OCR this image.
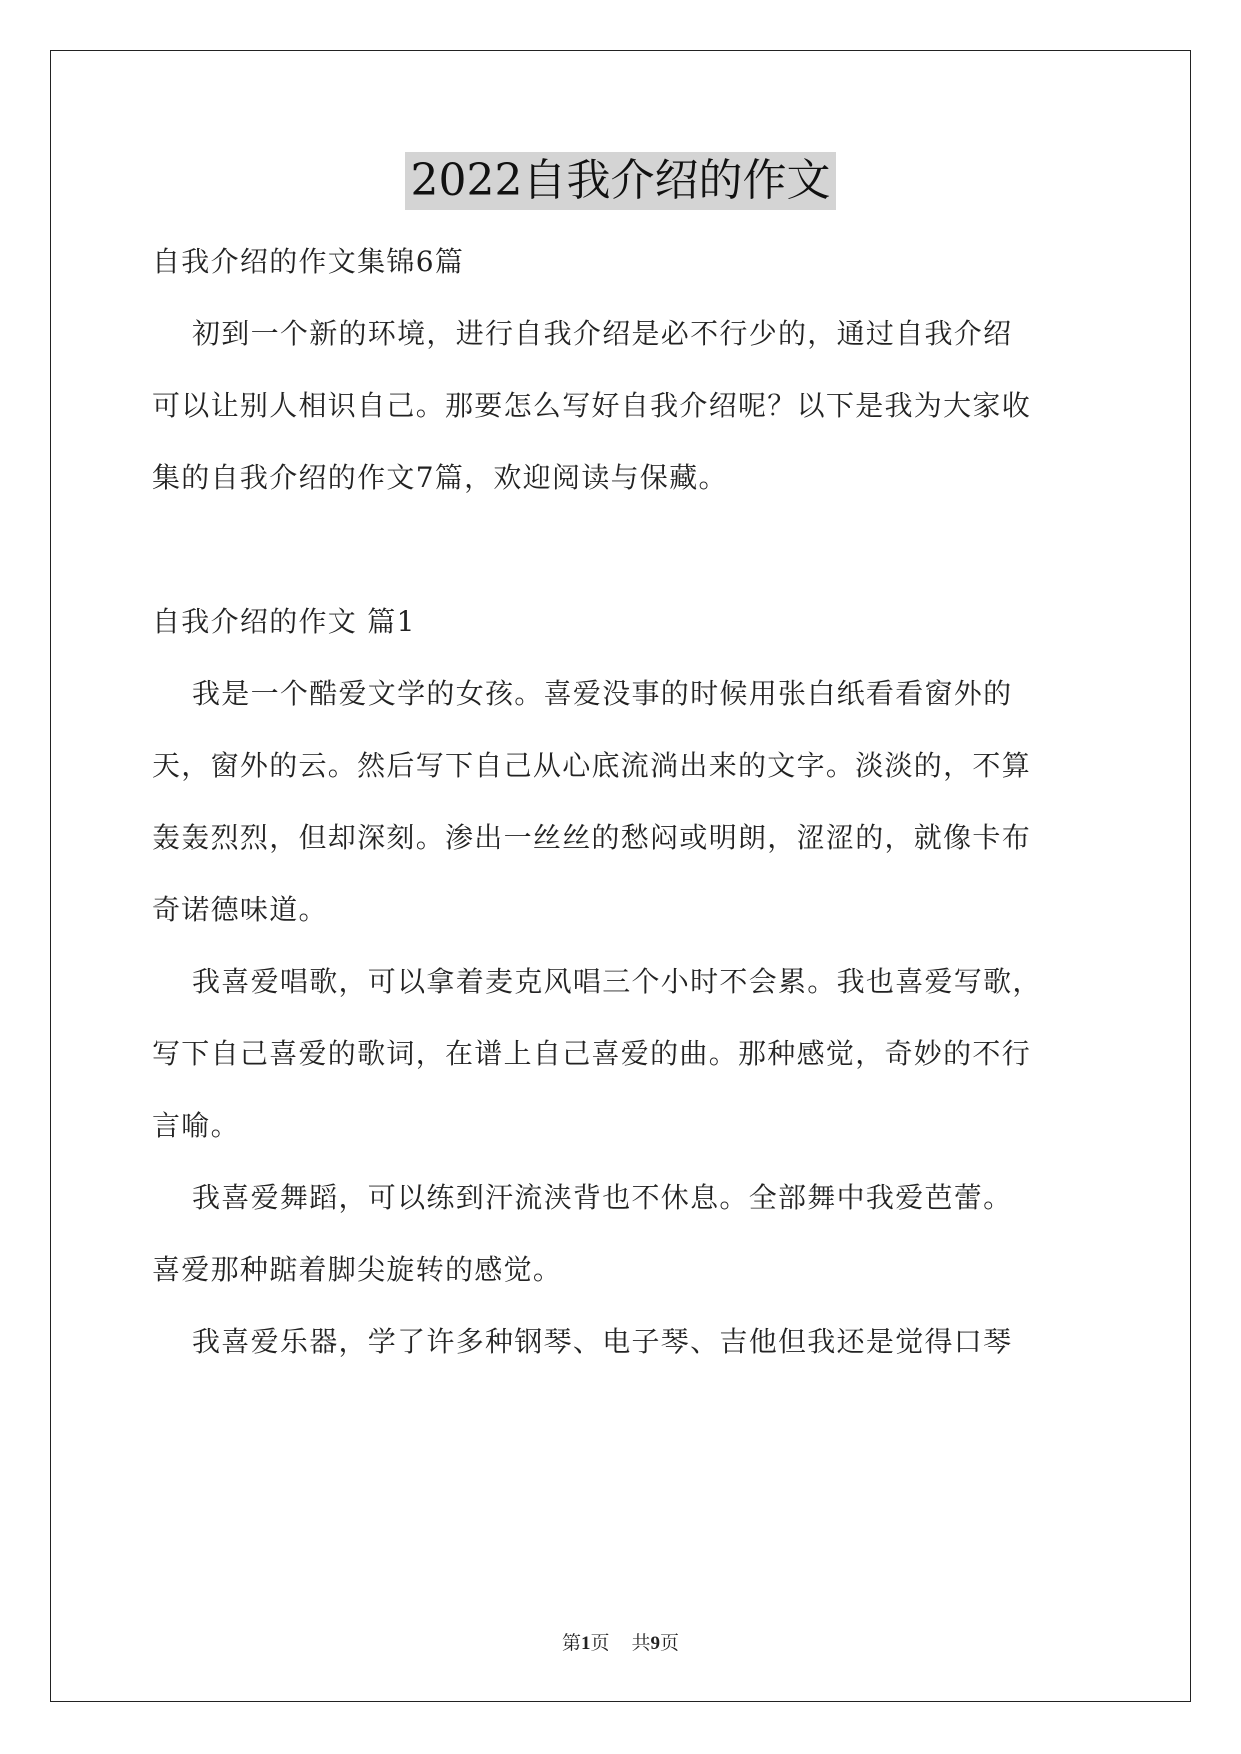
2022自我介绍的作文

自我介绍的作文集锦6篇

初到一个新的环境，进行自我介绍是必不行少的，通过自我介绍

可以让别人相识自己。那要怎么写好自我介绍呢？以下是我为大家收

集的自我介绍的作文7篇，欢迎阅读与保藏。

自我介绍的作文 篇1

我是一个酷爱文学的女孩。喜爱没事的时候用张白纸看看窗外的

天，窗外的云。然后写下自己从心底流淌出来的文字。淡淡的，不算

轰轰烈烈，但却深刻。渗出一丝丝的愁闷或明朗，涩涩的，就像卡布

奇诺德味道。

我喜爱唱歌，可以拿着麦克风唱三个小时不会累。我也喜爱写歌，

写下自己喜爱的歌词，在谱上自己喜爱的曲。那种感觉，奇妙的不行

言喻。

我喜爱舞蹈，可以练到汗流浃背也不休息。全部舞中我爱芭蕾。

喜爱那种踮着脚尖旋转的感觉。

我喜爱乐器，学了许多种钢琴、电子琴、吉他但我还是觉得口琴

第1页 共9页
